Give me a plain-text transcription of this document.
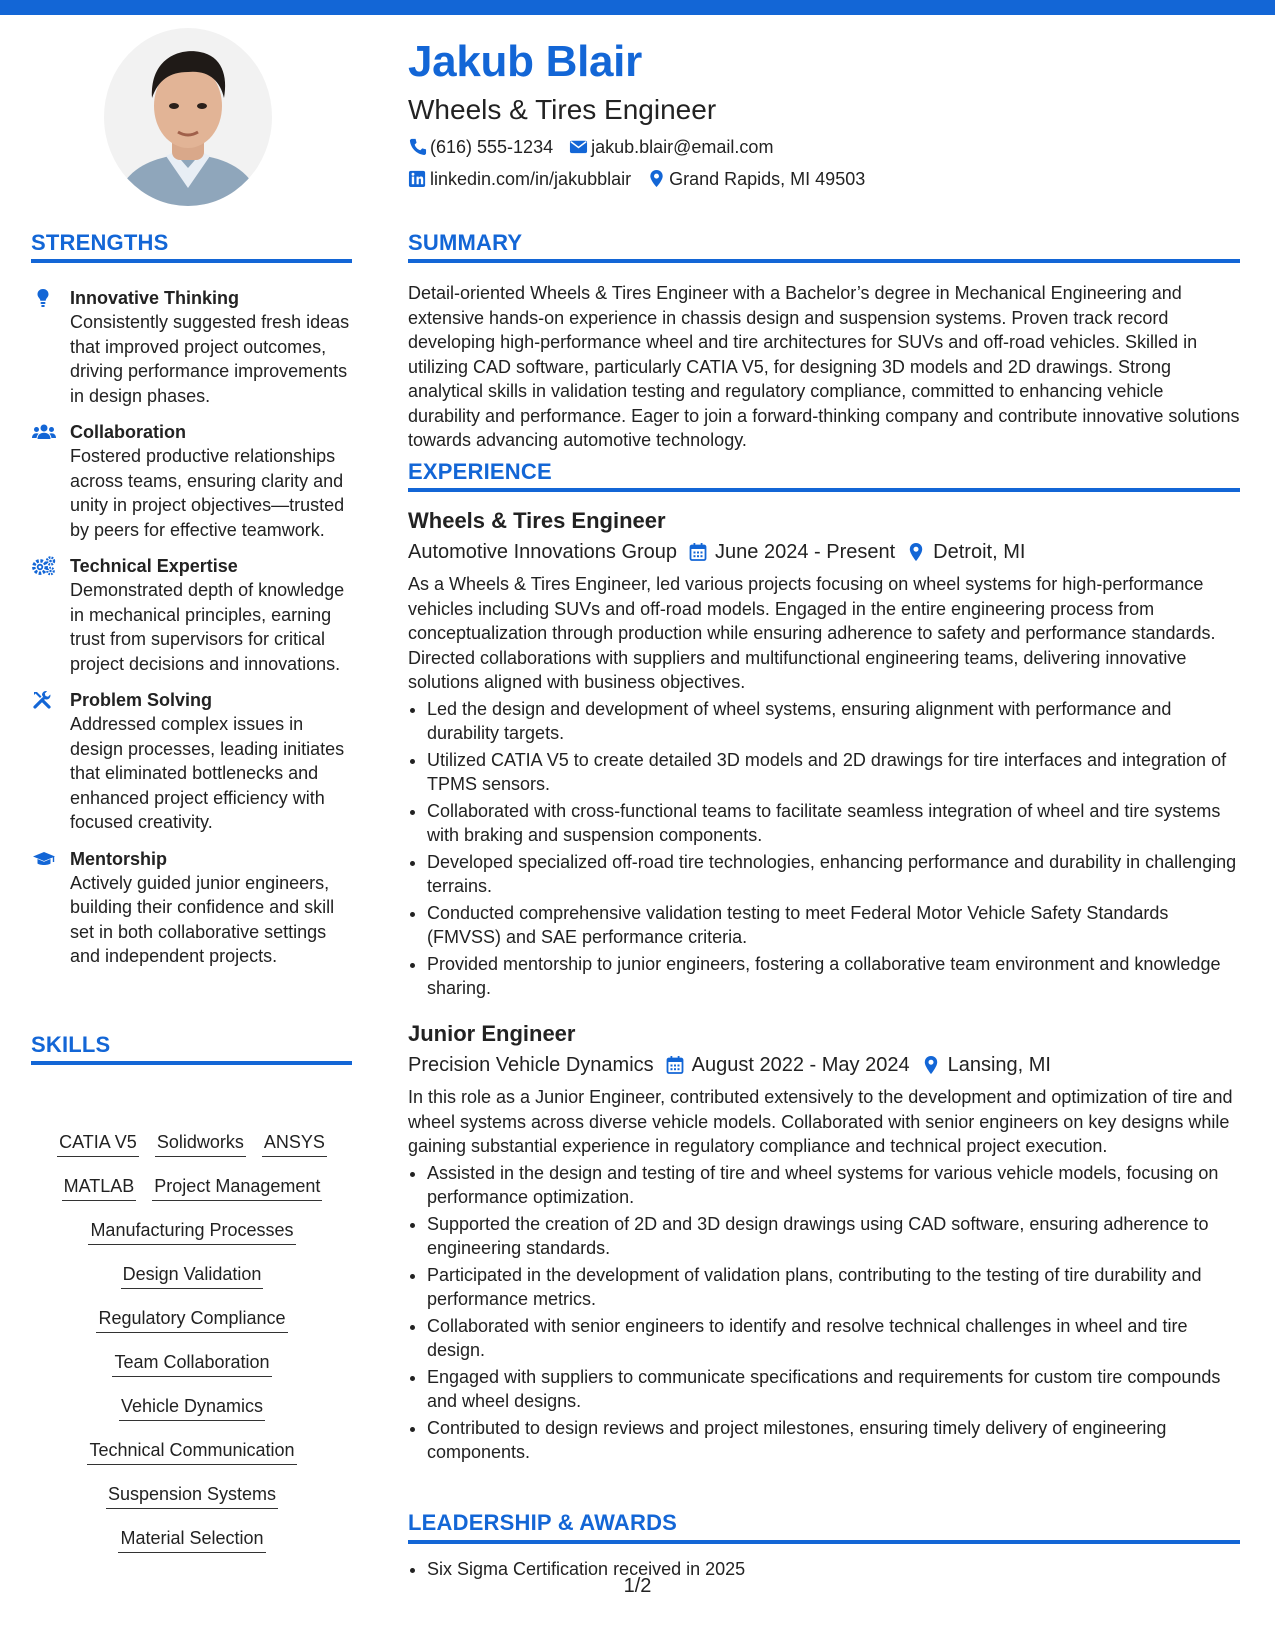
Jakub Blair
Wheels & Tires Engineer
(616) 555-1234 jakub.blair@email.com
linkedin.com/in/jakubblair Grand Rapids, MI 49503
STRENGTHS
Innovative Thinking
Consistently suggested fresh ideas that improved project outcomes, driving performance improvements in design phases.
Collaboration
Fostered productive relationships across teams, ensuring clarity and unity in project objectives—trusted by peers for effective teamwork.
Technical Expertise
Demonstrated depth of knowledge in mechanical principles, earning trust from supervisors for critical project decisions and innovations.
Problem Solving
Addressed complex issues in design processes, leading initiates that eliminated bottlenecks and enhanced project efficiency with focused creativity.
Mentorship
Actively guided junior engineers, building their confidence and skill set in both collaborative settings and independent projects.
SKILLS
CATIA V5 Solidworks ANSYS
MATLAB Project Management
Manufacturing Processes
Design Validation
Regulatory Compliance
Team Collaboration
Vehicle Dynamics
Technical Communication
Suspension Systems
Material Selection
SUMMARY
Detail-oriented Wheels & Tires Engineer with a Bachelor’s degree in Mechanical Engineering and extensive hands-on experience in chassis design and suspension systems. Proven track record developing high-performance wheel and tire architectures for SUVs and off-road vehicles. Skilled in utilizing CAD software, particularly CATIA V5, for designing 3D models and 2D drawings. Strong analytical skills in validation testing and regulatory compliance, committed to enhancing vehicle durability and performance. Eager to join a forward-thinking company and contribute innovative solutions towards advancing automotive technology.
EXPERIENCE
Wheels & Tires Engineer
Automotive Innovations Group June 2024 - Present Detroit, MI
As a Wheels & Tires Engineer, led various projects focusing on wheel systems for high-performance vehicles including SUVs and off-road models. Engaged in the entire engineering process from conceptualization through production while ensuring adherence to safety and performance standards. Directed collaborations with suppliers and multifunctional engineering teams, delivering innovative solutions aligned with business objectives.
• Led the design and development of wheel systems, ensuring alignment with performance and durability targets.
• Utilized CATIA V5 to create detailed 3D models and 2D drawings for tire interfaces and integration of TPMS sensors.
• Collaborated with cross-functional teams to facilitate seamless integration of wheel and tire systems with braking and suspension components.
• Developed specialized off-road tire technologies, enhancing performance and durability in challenging terrains.
• Conducted comprehensive validation testing to meet Federal Motor Vehicle Safety Standards (FMVSS) and SAE performance criteria.
• Provided mentorship to junior engineers, fostering a collaborative team environment and knowledge sharing.
Junior Engineer
Precision Vehicle Dynamics August 2022 - May 2024 Lansing, MI
In this role as a Junior Engineer, contributed extensively to the development and optimization of tire and wheel systems across diverse vehicle models. Collaborated with senior engineers on key designs while gaining substantial experience in regulatory compliance and technical project execution.
• Assisted in the design and testing of tire and wheel systems for various vehicle models, focusing on performance optimization.
• Supported the creation of 2D and 3D design drawings using CAD software, ensuring adherence to engineering standards.
• Participated in the development of validation plans, contributing to the testing of tire durability and performance metrics.
• Collaborated with senior engineers to identify and resolve technical challenges in wheel and tire design.
• Engaged with suppliers to communicate specifications and requirements for custom tire compounds and wheel designs.
• Contributed to design reviews and project milestones, ensuring timely delivery of engineering components.
LEADERSHIP & AWARDS
• Six Sigma Certification received in 2025
1/2
